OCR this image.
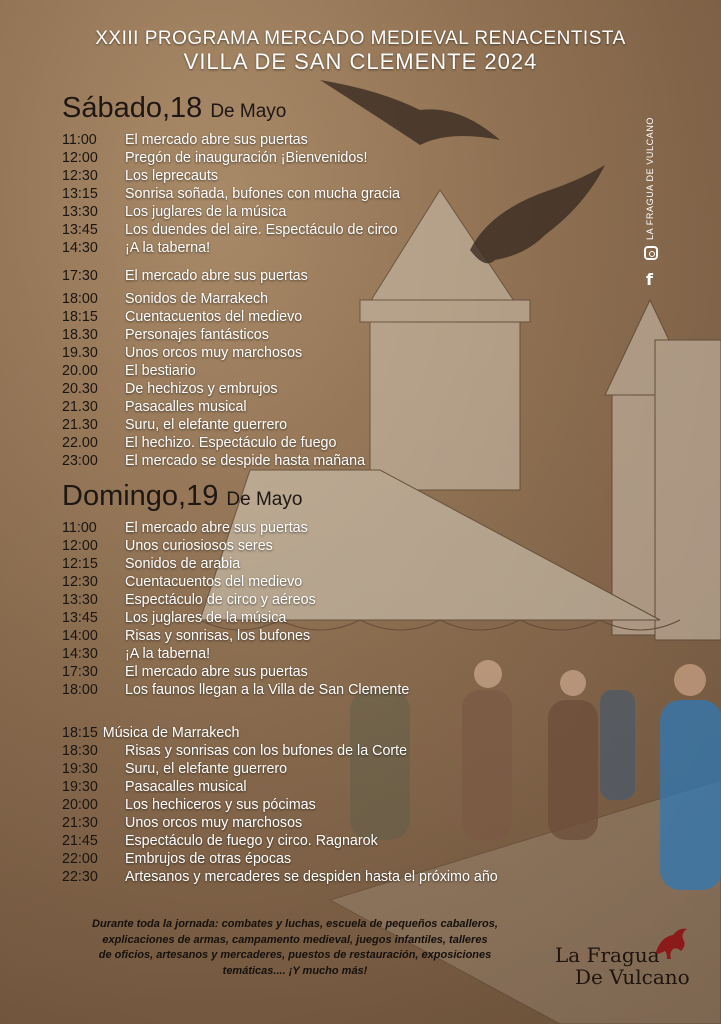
XXIII PROGRAMA MERCADO MEDIEVAL RENACENTISTA
VILLA DE SAN CLEMENTE 2024
Sábado,18 De Mayo
11:00 El mercado abre sus puertas
12:00 Pregón de inauguración ¡Bienvenidos!
12:30 Los leprecauts
13:15 Sonrisa soñada, bufones con mucha gracia
13:30 Los juglares de la música
13:45 Los duendes del aire. Espectáculo de circo
14:30 ¡A la taberna!
17:30 El mercado abre sus puertas
18:00 Sonidos de Marrakech
18:15 Cuentacuentos del medievo
18.30 Personajes fantásticos
19.30 Unos orcos muy marchosos
20.00 El bestiario
20.30 De hechizos y embrujos
21.30 Pasacalles musical
21.30 Suru, el elefante guerrero
22.00 El hechizo. Espectáculo de fuego
23:00 El mercado se despide hasta mañana
Domingo,19 De Mayo
11:00 El mercado abre sus puertas
12:00 Unos curiosiosos seres
12:15 Sonidos de arabia
12:30 Cuentacuentos del medievo
13:30 Espectáculo de circo y aéreos
13:45 Los juglares de la música
14:00 Risas y sonrisas, los bufones
14:30 ¡A la taberna!
17:30 El mercado abre sus puertas
18:00 Los faunos llegan a la Villa de San Clemente
18:15 Música de Marrakech
18:30 Risas y sonrisas con los bufones de la Corte
19:30 Suru, el elefante guerrero
19:30 Pasacalles musical
20:00 Los hechiceros y sus pócimas
21:30 Unos orcos muy marchosos
21:45 Espectáculo de fuego y circo. Ragnarok
22:00 Embrujos de otras épocas
22:30 Artesanos y mercaderes se despiden hasta el próximo año
Durante toda la jornada: combates y luchas, escuela de pequeños caballeros,
explicaciones de armas, campamento medieval, juegos infantiles, talleres
de oficios, artesanos y mercaderes, puestos de restauración, exposiciones
temáticas.... ¡Y mucho más!
LA FRAGUA DE VULCANO
f
La Fragua
De Vulcano
